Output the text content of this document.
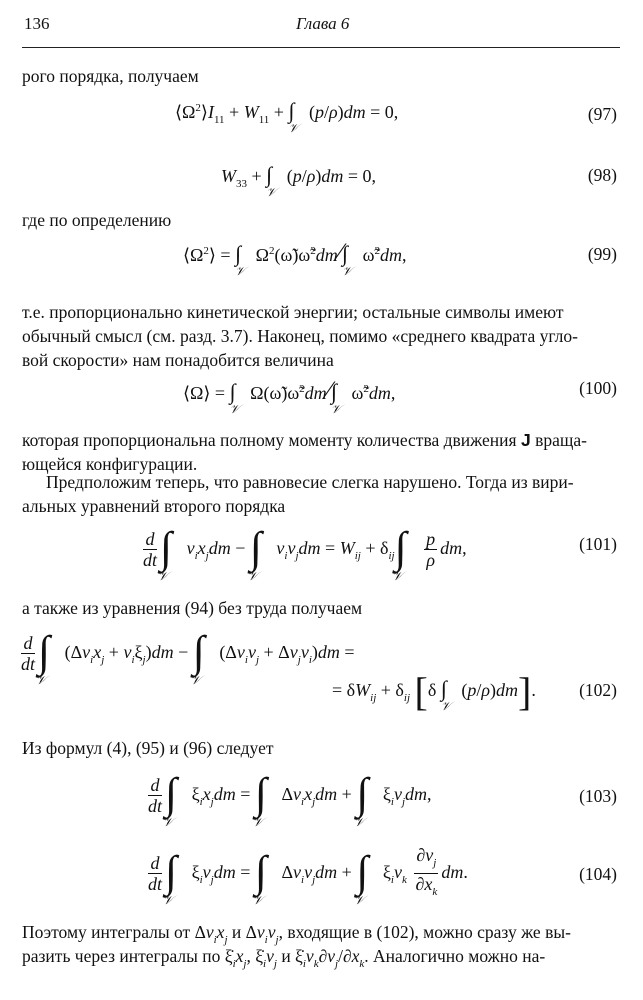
136	Глава 6
рого порядка, получаем
$⟨\Omega^2⟩I_{11} + W_{11} + \int_𝒱$ (p/ρ)dm = 0,	(97)
$W_{33} + \int_𝒱$ (p/ρ)dm = 0,	(98)
где по определению
$⟨\Omega^2⟩ = \int_𝒱$ $\Omega^2(\omegã)\omegã^2dm⁄\int_𝒱$ ω̃$^2$dm,	(99)
т.е. пропорционально кинетической энергии; остальные символы имеют
обычный смысл (см. разд. 3.7). Наконец, помимо «среднего квадрата угло-
вой скорости» нам понадобится величина
⟨Ω⟩ = $\int_𝒱$ $\Omega(\omegã)\omegã^2dm⁄\int_𝒱$ ω̃$^2$dm,	(100)
которая пропорциональна полному моменту количества движения J враща-
ющейся конфигурации.
Предположим теперь, что равновесие слегка нарушено. Тогда из вири-
альных уравнений второго порядка
$\frac{d}{dt} \int_𝒱$ $v_ix_jdm - \int_𝒱$ $v_iv_jdm = W_{ij} + \delta_{ij}\int_𝒱$
$\frac{p}{\rho}$ dm,	(101)
а также из уравнения (94) без труда получаем
$\frac{d}{dt} \int_𝒱$ $(\Delta v_ix_j + v_i\xi_j)dm - \int_𝒱$ $(\Delta v_iv_j + \Delta v_jv_i)dm$ =
= $\delta W_{ij} + \delta_{ij}$ [δ $\int_𝒱$ (p/ρ)dm]. (102)
Из формул (4), (95) и (96) следует
$\frac{d}{dt} \int_𝒱$ $\xi_ix_jdm = \int_𝒱$ $\Delta v_ix_jdm + \int_𝒱$ $\xi_iv_jdm$,	(103)
$\frac{d}{dt} \int_𝒱$ $\xi_iv_jdm = \int_𝒱$ $\Delta v_iv_jdm + \int_𝒱$ $\xi_iv_k \frac{\partial v_j}{\partial x_k}$ dm.	(104)
Поэтому интегралы от $\Delta v_ix_j$ и $\Delta v_iv_j$, входящие в (102), можно сразу же вы-
разить через интегралы по $\xi̇_ix_j$, $\xi̇_iv_j$ и $\xi̇_iv_k\partial v_j/\partial x_k$. Аналогично можно на-
